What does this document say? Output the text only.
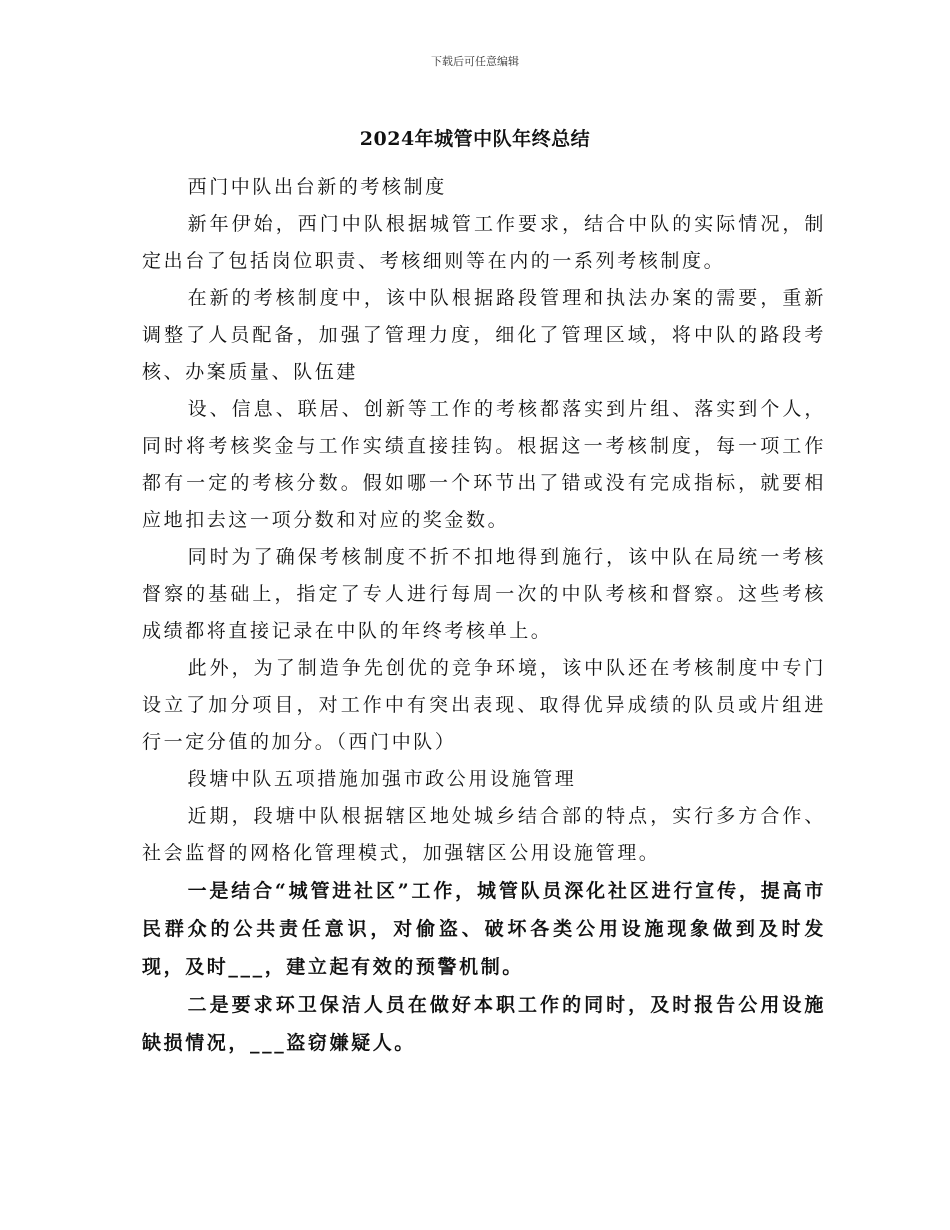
下载后可任意编辑
2024年城管中队年终总结

西门中队出台新的考核制度

新年伊始，西门中队根据城管工作要求，结合中队的实际情况，制定出台了包括岗位职责、考核细则等在内的一系列考核制度。

在新的考核制度中，该中队根据路段管理和执法办案的需要，重新调整了人员配备，加强了管理力度，细化了管理区域，将中队的路段考核、办案质量、队伍建

设、信息、联居、创新等工作的考核都落实到片组、落实到个人，同时将考核奖金与工作实绩直接挂钩。根据这一考核制度，每一项工作都有一定的考核分数。假如哪一个环节出了错或没有完成指标，就要相应地扣去这一项分数和对应的奖金数。

同时为了确保考核制度不折不扣地得到施行，该中队在局统一考核督察的基础上，指定了专人进行每周一次的中队考核和督察。这些考核成绩都将直接记录在中队的年终考核单上。

此外，为了制造争先创优的竞争环境，该中队还在考核制度中专门设立了加分项目，对工作中有突出表现、取得优异成绩的队员或片组进行一定分值的加分。（西门中队）

段塘中队五项措施加强市政公用设施管理

近期，段塘中队根据辖区地处城乡结合部的特点，实行多方合作、社会监督的网格化管理模式，加强辖区公用设施管理。

一是结合“城管进社区”工作，城管队员深化社区进行宣传，提高市民群众的公共责任意识，对偷盗、破坏各类公用设施现象做到及时发现，及时___，建立起有效的预警机制。

二是要求环卫保洁人员在做好本职工作的同时，及时报告公用设施缺损情况，___盗窃嫌疑人。
